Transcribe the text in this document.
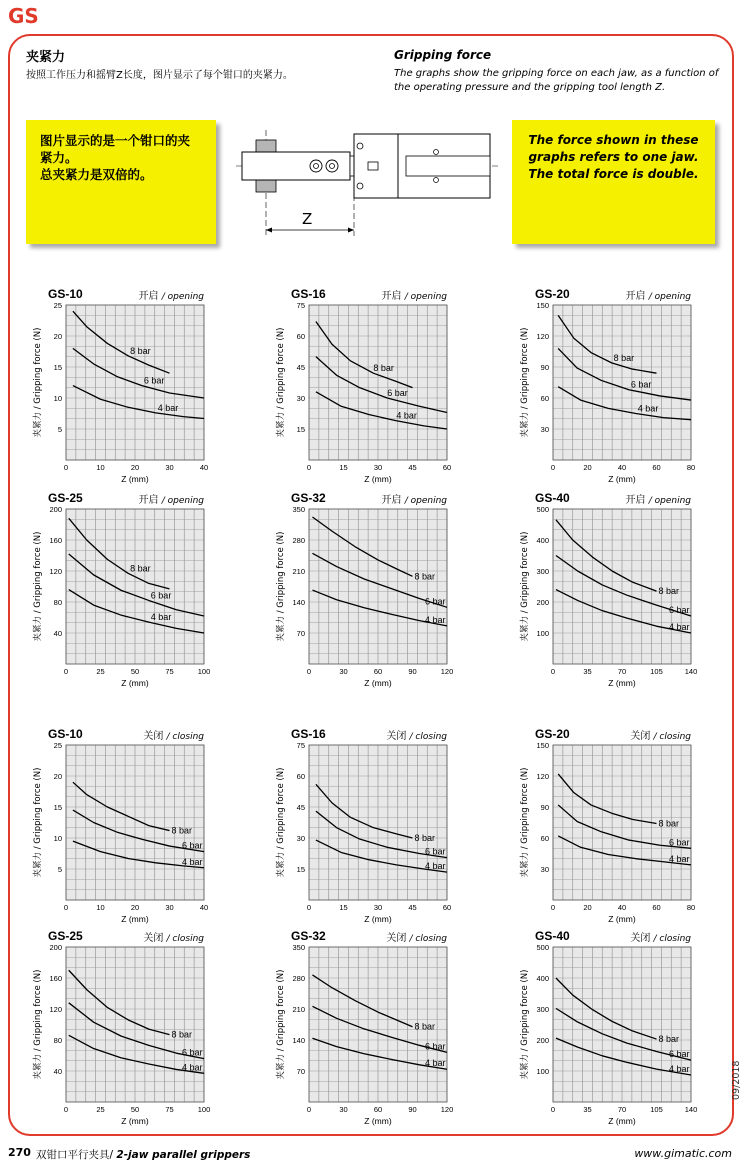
GS
夹紧力
按照工作压力和摇臂Z长度，图片显示了每个钳口的夹紧力。
Gripping force
The graphs show the gripping force on each jaw, as a function of the operating pressure and the gripping tool length Z.
图片显示的是一个钳口的夹紧力。
总夹紧力是双倍的。
The force shown in these graphs refers to one jaw.
The total force is double.
Z
0	10	20	30	40
5
10
15
20
25
GS-10	开启 / opening
Z (mm)
夹紧力 / Gripping force (N)	8 bar
6 bar
4 bar
0	15	30	45	60
15
30
45
60
75
GS-16	开启 / opening
Z (mm)
夹紧力 / Gripping force (N)	8 bar
6 bar
4 bar
0	20	40	60	80
30
60
90
120
150
GS-20	开启 / opening
Z (mm)
夹紧力 / Gripping force (N)	8 bar
6 bar
4 bar
0	25	50	75	100
40
80
120
160
200
GS-25	开启 / opening
Z (mm)
夹紧力 / Gripping force (N)	8 bar
6 bar
4 bar
0	30	60	90	120
70
140
210
280
350
GS-32	开启 / opening
Z (mm)
夹紧力 / Gripping force (N)	8 bar
6 bar
4 bar
0	35	70	105	140
100
200
300
400
500
GS-40	开启 / opening
Z (mm)
夹紧力 / Gripping force (N)	8 bar
6 bar
4 bar
0	10	20	30	40
5
10
15
20
25
GS-10	关闭 / closing
Z (mm)
夹紧力 / Gripping force (N)	8 bar
6 bar
4 bar
0	15	30	45	60
15
30
45
60
75
GS-16	关闭 / closing
Z (mm)
夹紧力 / Gripping force (N)	8 bar
6 bar
4 bar
0	20	40	60	80
30
60
90
120
150
GS-20	关闭 / closing
Z (mm)
夹紧力 / Gripping force (N)	8 bar
6 bar
4 bar
0	25	50	75	100
40
80
120
160
200
GS-25	关闭 / closing
Z (mm)
夹紧力 / Gripping force (N)	8 bar
6 bar
4 bar
0	30	60	90	120
70
140
210
280
350
GS-32	关闭 / closing
Z (mm)
夹紧力 / Gripping force (N)	8 bar
6 bar
4 bar
0	35	70	105	140
100
200
300
400
500
GS-40	关闭 / closing
Z (mm)
夹紧力 / Gripping force (N)	8 bar
6 bar
4 bar
270 双钳口平行夹具/ 2-jaw parallel grippers	www.gimatic.com
09/2018
